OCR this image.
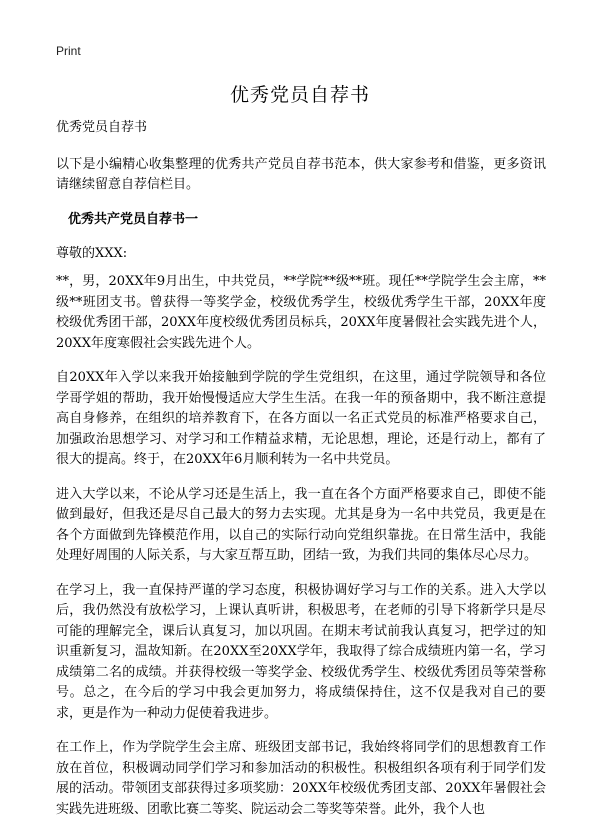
Print
优秀党员自荐书

优秀党员自荐书

以下是小编精心收集整理的优秀共产党员自荐书范本，供大家参考和借鉴，更多资讯请继续留意自荐信栏目。

优秀共产党员自荐书一

尊敬的XXX:

**，男，20XX年9月出生，中共党员，**学院**级**班。现任**学院学生会主席，**级**班团支书。曾获得一等奖学金，校级优秀学生，校级优秀学生干部，20XX年度校级优秀团干部，20XX年度校级优秀团员标兵，20XX年度暑假社会实践先进个人，20XX年度寒假社会实践先进个人。

自20XX年入学以来我开始接触到学院的学生党组织，在这里，通过学院领导和各位学哥学姐的帮助，我开始慢慢适应大学生生活。在我一年的预备期中，我不断注意提高自身修养，在组织的培养教育下，在各方面以一名正式党员的标准严格要求自己，加强政治思想学习、对学习和工作精益求精，无论思想，理论，还是行动上，都有了很大的提高。终于，在20XX年6月顺利转为一名中共党员。

进入大学以来，不论从学习还是生活上，我一直在各个方面严格要求自己，即使不能做到最好，但我还是尽自己最大的努力去实现。尤其是身为一名中共党员，我更是在各个方面做到先锋模范作用，以自己的实际行动向党组织靠拢。在日常生活中，我能处理好周围的人际关系，与大家互帮互助，团结一致，为我们共同的集体尽心尽力。

在学习上，我一直保持严谨的学习态度，积极协调好学习与工作的关系。进入大学以后，我仍然没有放松学习，上课认真听讲，积极思考，在老师的引导下将新学只是尽可能的理解完全，课后认真复习，加以巩固。在期末考试前我认真复习，把学过的知识重新复习，温故知新。在20XX至20XX学年，我取得了综合成绩班内第一名，学习成绩第二名的成绩。并获得校级一等奖学金、校级优秀学生、校级优秀团员等荣誉称号。总之，在今后的学习中我会更加努力，将成绩保持住，这不仅是我对自己的要求，更是作为一种动力促使着我进步。

在工作上，作为学院学生会主席、班级团支部书记，我始终将同学们的思想教育工作放在首位，积极调动同学们学习和参加活动的积极性。积极组织各项有利于同学们发展的活动。带领团支部获得过多项奖励：20XX年校级优秀团支部、20XX年暑假社会实践先进班级、团歌比赛二等奖、院运动会二等奖等荣誉。此外，我个人也
